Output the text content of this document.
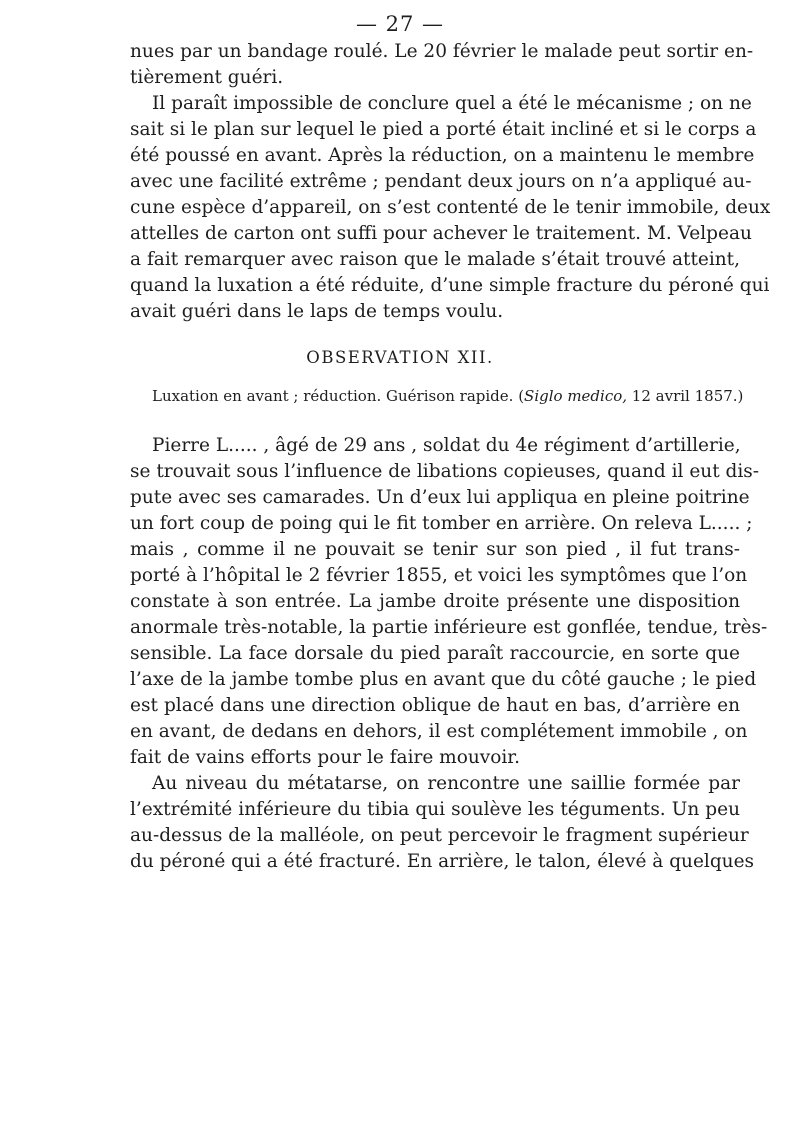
— 27 —
nues par un bandage roulé. Le 20 février le malade peut sortir en-
tièrement guéri.
Il paraît impossible de conclure quel a été le mécanisme ; on ne
sait si le plan sur lequel le pied a porté était incliné et si le corps a
été poussé en avant. Après la réduction, on a maintenu le membre
avec une facilité extrême ; pendant deux jours on n’a appliqué au-
cune espèce d’appareil, on s’est contenté de le tenir immobile, deux
attelles de carton ont suffi pour achever le traitement. M. Velpeau
a fait remarquer avec raison que le malade s’était trouvé atteint,
quand la luxation a été réduite, d’une simple fracture du péroné qui
avait guéri dans le laps de temps voulu.
OBSERVATION XII.
Luxation en avant ; réduction. Guérison rapide. (Siglo medico, 12 avril 1857.)
Pierre L..... , âgé de 29 ans , soldat du 4e régiment d’artillerie,
se trouvait sous l’influence de libations copieuses, quand il eut dis-
pute avec ses camarades. Un d’eux lui appliqua en pleine poitrine
un fort coup de poing qui le fit tomber en arrière. On releva L..... ;
mais , comme il ne pouvait se tenir sur son pied , il fut trans-
porté à l’hôpital le 2 février 1855, et voici les symptômes que l’on
constate à son entrée. La jambe droite présente une disposition
anormale très-notable, la partie inférieure est gonflée, tendue, très-
sensible. La face dorsale du pied paraît raccourcie, en sorte que
l’axe de la jambe tombe plus en avant que du côté gauche ; le pied
est placé dans une direction oblique de haut en bas, d’arrière en
en avant, de dedans en dehors, il est complétement immobile , on
fait de vains efforts pour le faire mouvoir.
Au niveau du métatarse, on rencontre une saillie formée par
l’extrémité inférieure du tibia qui soulève les téguments. Un peu
au-dessus de la malléole, on peut percevoir le fragment supérieur
du péroné qui a été fracturé. En arrière, le talon, élevé à quelques
